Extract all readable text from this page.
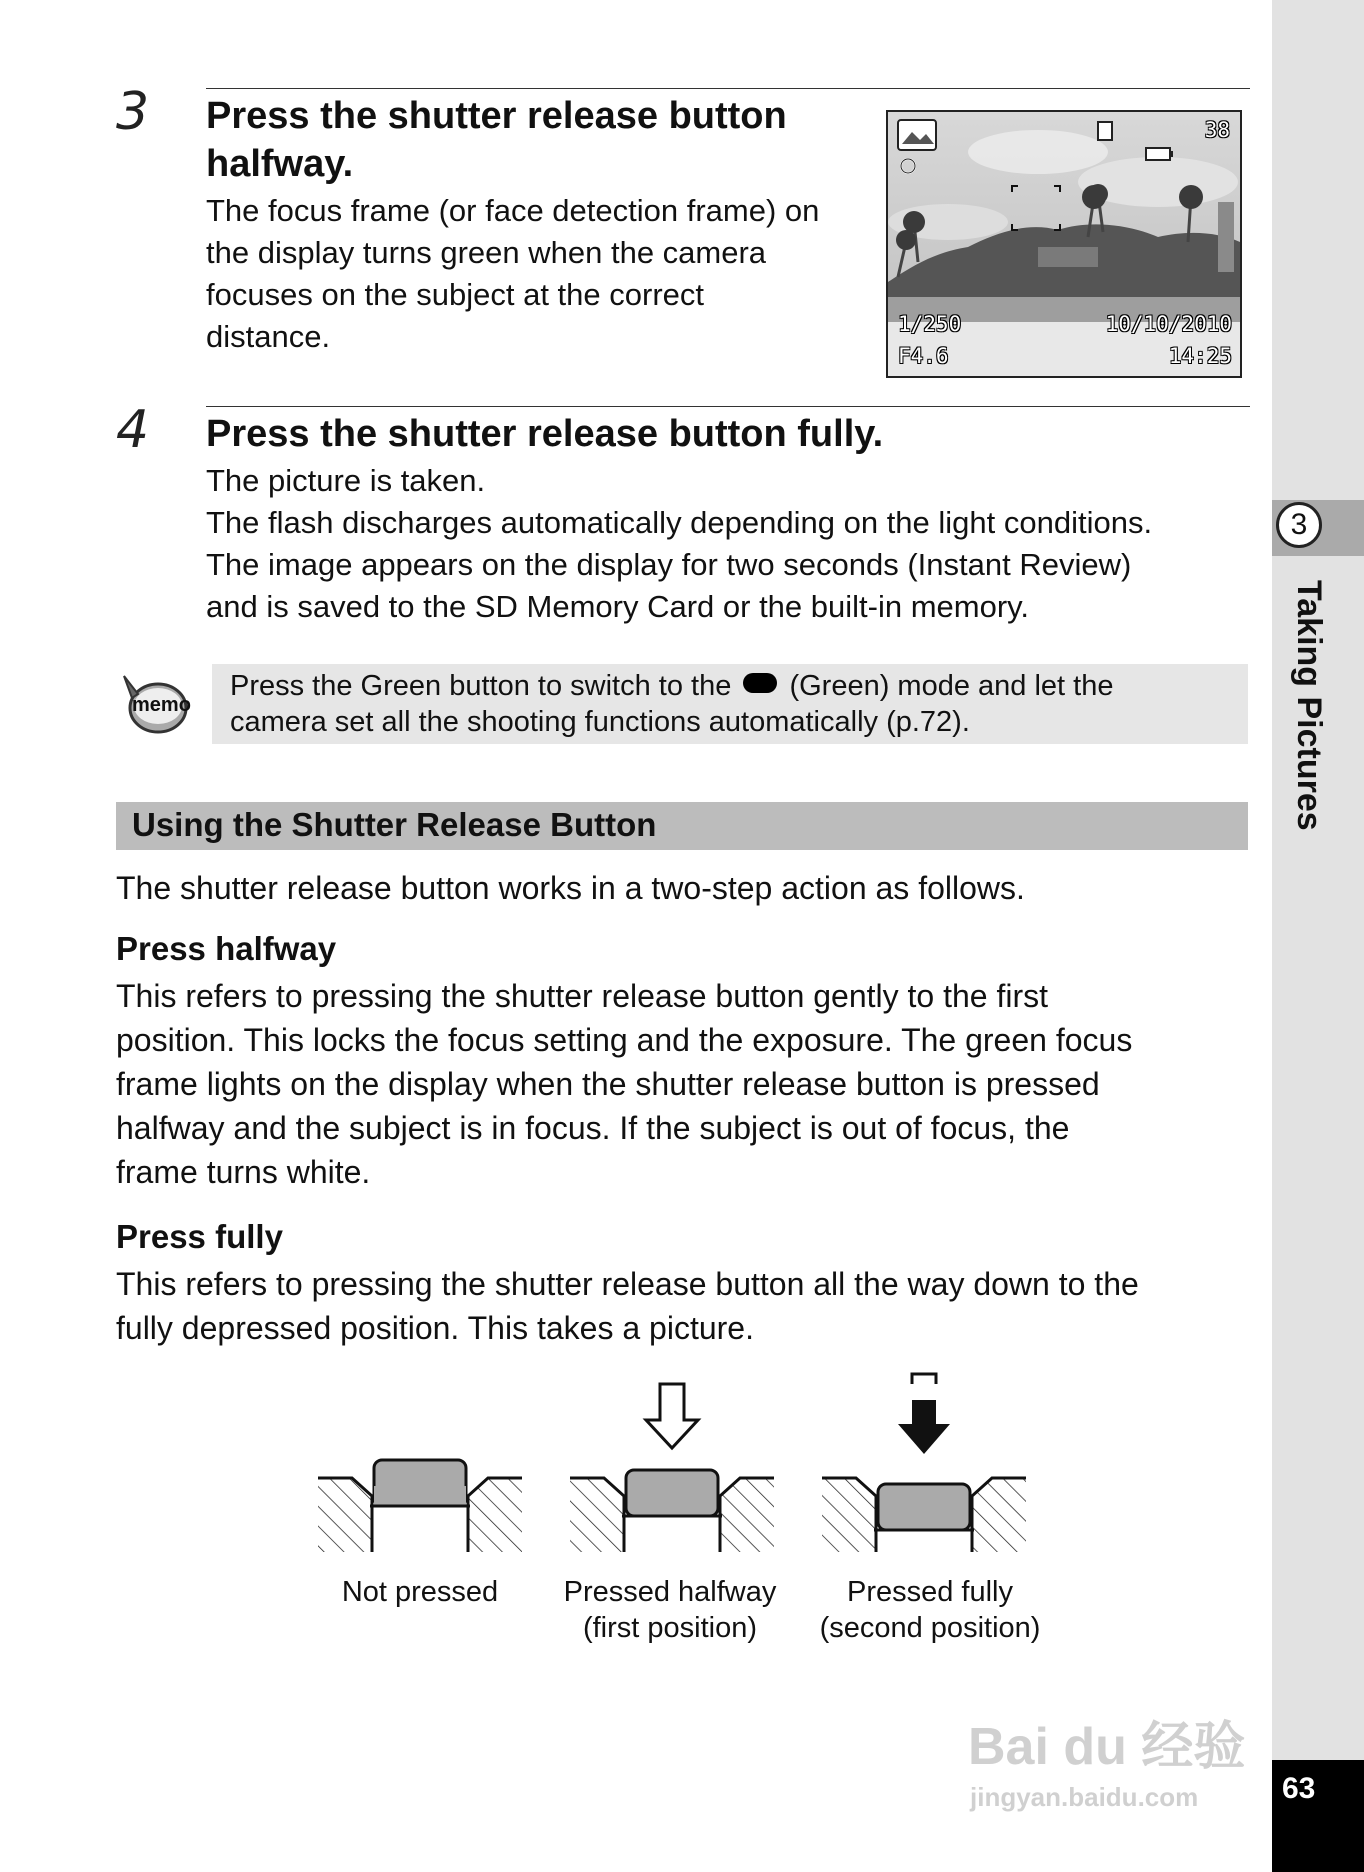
3
Taking Pictures
63
3 Press the shutter release button
halfway.

The focus frame (or face detection frame) on

the display turns green when the camera

focuses on the subject at the correct

distance.

38
1/250
F4.6
10/10/2010
14:25
4 Press the shutter release button fully.

The picture is taken.

The flash discharges automatically depending on the light conditions.

The image appears on the display for two seconds (Instant Review)

and is saved to the SD Memory Card or the built-in memory.

memo
Press the Green button to switch to the (Green) mode and let the
camera set all the shooting functions automatically (p.72).
Using the Shutter Release Button
The shutter release button works in a two-step action as follows.
Press halfway
This refers to pressing the shutter release button gently to the first
position. This locks the focus setting and the exposure. The green focus
frame lights on the display when the shutter release button is pressed
halfway and the subject is in focus. If the subject is out of focus, the
frame turns white.
Press fully
This refers to pressing the shutter release button all the way down to the
fully depressed position. This takes a picture.
Not pressed	Pressed halfway
(first position)
Pressed fully
(second position)
Bai du 经验
jingyan.baidu.com
